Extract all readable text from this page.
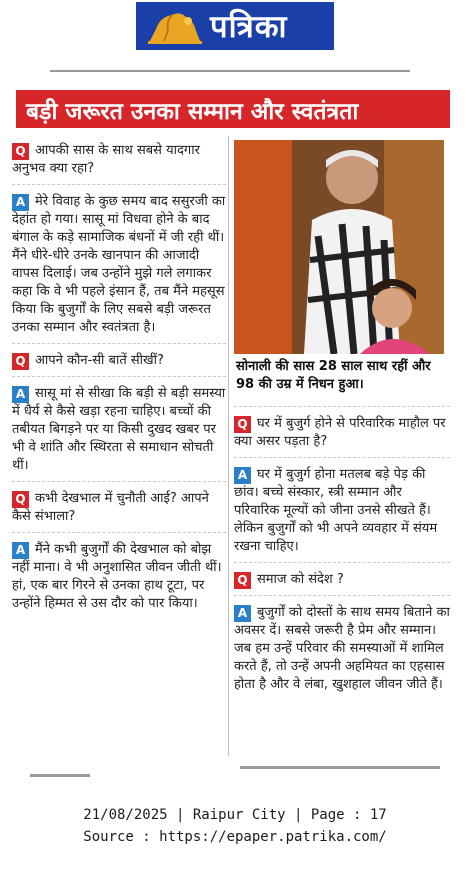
पत्रिका
बड़ी जरूरत उनका सम्मान और स्वतंत्रता

Q आपकी सास के साथ सबसे यादगार अनुभव क्या रहा?

A मेरे विवाह के कुछ समय बाद ससुरजी का देहांत हो गया। सासू मां विधवा होने के बाद बंगाल के कड़े सामाजिक बंधनों में जी रही थीं। मैंने धीरे-धीरे उनके खानपान की आजादी वापस दिलाई। जब उन्होंने मुझे गले लगाकर कहा कि वे भी पहले इंसान हैं, तब मैंने महसूस किया कि बुजुर्गों के लिए सबसे बड़ी जरूरत उनका सम्मान और स्वतंत्रता है।

Q आपने कौन-सी बातें सीखीं?

A सासू मां से सीखा कि बड़ी से बड़ी समस्या में धैर्य से कैसे खड़ा रहना चाहिए। बच्चों की तबीयत बिगड़ने पर या किसी दुखद खबर पर भी वे शांति और स्थिरता से समाधान सोचती थीं।

Q कभी देखभाल में चुनौती आई? आपने कैसे संभाला?

A मैंने कभी बुजुर्गों की देखभाल को बोझ नहीं माना। वे भी अनुशासित जीवन जीती थीं। हां, एक बार गिरने से उनका हाथ टूटा, पर उन्होंने हिम्मत से उस दौर को पार किया।

सोनाली की सास 28 साल साथ रहीं और 98 की उम्र में निधन हुआ।

Q घर में बुजुर्ग होने से परिवारिक माहौल पर क्या असर पड़ता है?

A घर में बुजुर्ग होना मतलब बड़े पेड़ की छांव। बच्चे संस्कार, स्त्री सम्मान और परिवारिक मूल्यों को जीना उनसे सीखते हैं। लेकिन बुजुर्गों को भी अपने व्यवहार में संयम रखना चाहिए।

Q समाज को संदेश ?

A बुजुर्गों को दोस्तों के साथ समय बिताने का अवसर दें। सबसे जरूरी है प्रेम और सम्मान। जब हम उन्हें परिवार की समस्याओं में शामिल करते हैं, तो उन्हें अपनी अहमियत का एहसास होता है और वे लंबा, खुशहाल जीवन जीते हैं।

21/08/2025 | Raipur City | Page : 17
Source : https://epaper.patrika.com/
